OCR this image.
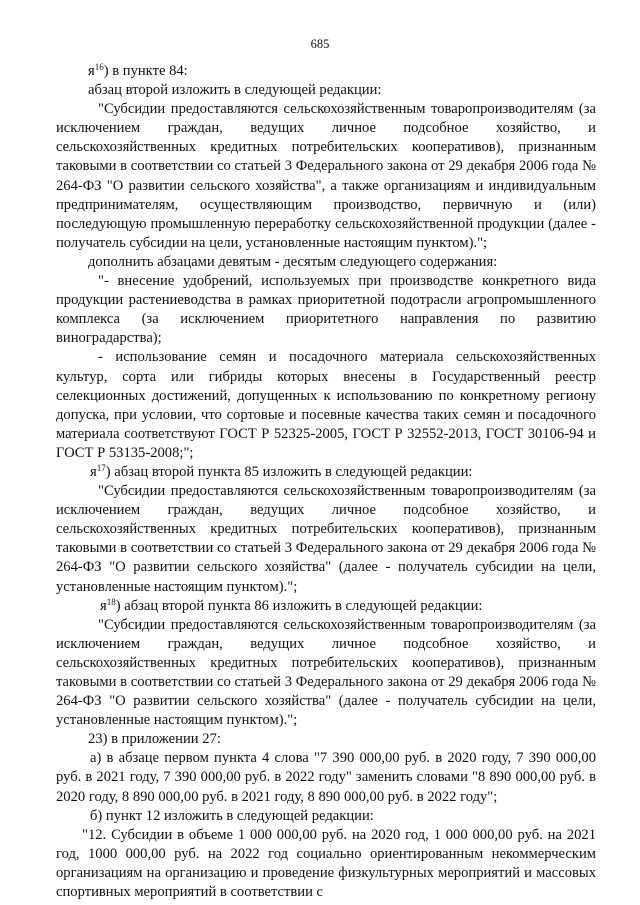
685

$я^{16}$) в пункте 84:

абзац второй изложить в следующей редакции:

"Субсидии предоставляются сельскохозяйственным товаропроизводителям (за исключением граждан, ведущих личное подсобное хозяйство, и сельскохозяйственных кредитных потребительских кооперативов), признанным таковыми в соответствии со статьей 3 Федерального закона от 29 декабря 2006 года № 264-ФЗ "О развитии сельского хозяйства", а также организациям и индивидуальным предпринимателям, осуществляющим производство, первичную и (или) последующую промышленную переработку сельскохозяйственной продукции (далее - получатель субсидии на цели, установленные настоящим пунктом).";

дополнить абзацами девятым - десятым следующего содержания:

"- внесение удобрений, используемых при производстве конкретного вида продукции растениеводства в рамках приоритетной подотрасли агропромышленного комплекса (за исключением приоритетного направления по развитию виноградарства);

- использование семян и посадочного материала сельскохозяйственных культур, сорта или гибриды которых внесены в Государственный реестр селекционных достижений, допущенных к использованию по конкретному региону допуска, при условии, что сортовые и посевные качества таких семян и посадочного материала соответствуют ГОСТ Р 52325-2005, ГОСТ Р 32552-2013, ГОСТ 30106-94 и ГОСТ Р 53135-2008;";

$я^{17}$) абзац второй пункта 85 изложить в следующей редакции:

"Субсидии предоставляются сельскохозяйственным товаропроизводителям (за исключением граждан, ведущих личное подсобное хозяйство, и сельскохозяйственных кредитных потребительских кооперативов), признанным таковыми в соответствии со статьей 3 Федерального закона от 29 декабря 2006 года № 264-ФЗ "О развитии сельского хозяйства" (далее - получатель субсидии на цели, установленные настоящим пунктом).";

$я^{18}$) абзац второй пункта 86 изложить в следующей редакции:

"Субсидии предоставляются сельскохозяйственным товаропроизводителям (за исключением граждан, ведущих личное подсобное хозяйство, и сельскохозяйственных кредитных потребительских кооперативов), признанным таковыми в соответствии со статьей 3 Федерального закона от 29 декабря 2006 года № 264-ФЗ "О развитии сельского хозяйства" (далее - получатель субсидии на цели, установленные настоящим пунктом).";

23) в приложении 27:

а) в абзаце первом пункта 4 слова "7 390 000,00 руб. в 2020 году, 7 390 000,00 руб. в 2021 году, 7 390 000,00 руб. в 2022 году" заменить словами "8 890 000,00 руб. в 2020 году, 8 890 000,00 руб. в 2021 году, 8 890 000,00 руб. в 2022 году";

б) пункт 12 изложить в следующей редакции:

"12. Субсидии в объеме 1 000 000,00 руб. на 2020 год, 1 000 000,00 руб. на 2021 год, 1000 000,00 руб. на 2022 год социально ориентированным некоммерческим организациям на организацию и проведение физкультурных мероприятий и массовых спортивных мероприятий в соответствии с
